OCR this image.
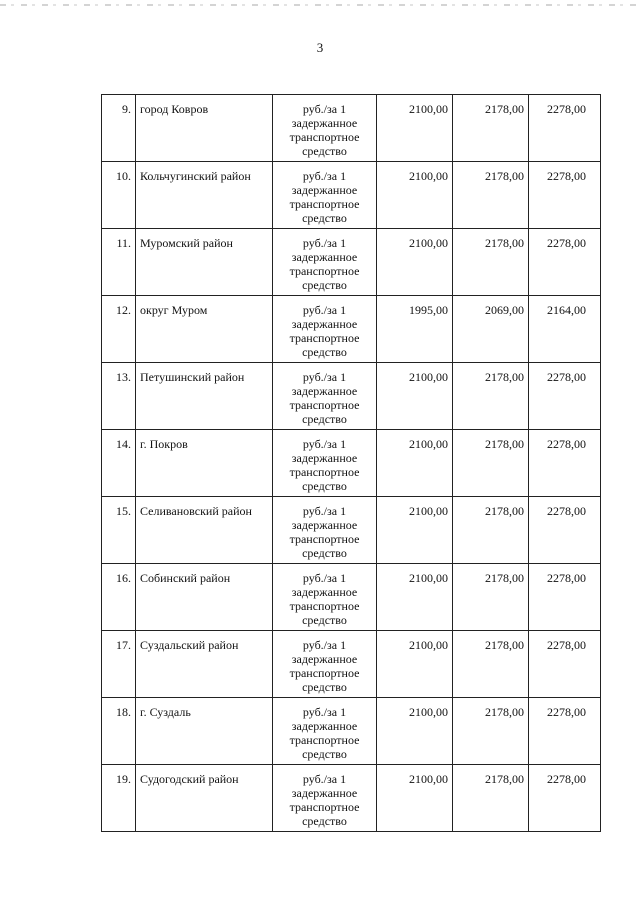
3
9.	город Ковров	руб./за 1 задержанное транспортное средство	2100,00	2178,00	2278,00
10.	Кольчугинский район	руб./за 1 задержанное транспортное средство	2100,00	2178,00	2278,00
11.	Муромский район	руб./за 1 задержанное транспортное средство	2100,00	2178,00	2278,00
12.	округ Муром	руб./за 1 задержанное транспортное средство	1995,00	2069,00	2164,00
13.	Петушинский район	руб./за 1 задержанное транспортное средство	2100,00	2178,00	2278,00
14.	г. Покров	руб./за 1 задержанное транспортное средство	2100,00	2178,00	2278,00
15.	Селивановский район	руб./за 1 задержанное транспортное средство	2100,00	2178,00	2278,00
16.	Собинский район	руб./за 1 задержанное транспортное средство	2100,00	2178,00	2278,00
17.	Суздальский район	руб./за 1 задержанное транспортное средство	2100,00	2178,00	2278,00
18.	г. Суздаль	руб./за 1 задержанное транспортное средство	2100,00	2178,00	2278,00
19.	Судогодский район	руб./за 1 задержанное транспортное средство	2100,00	2178,00	2278,00
